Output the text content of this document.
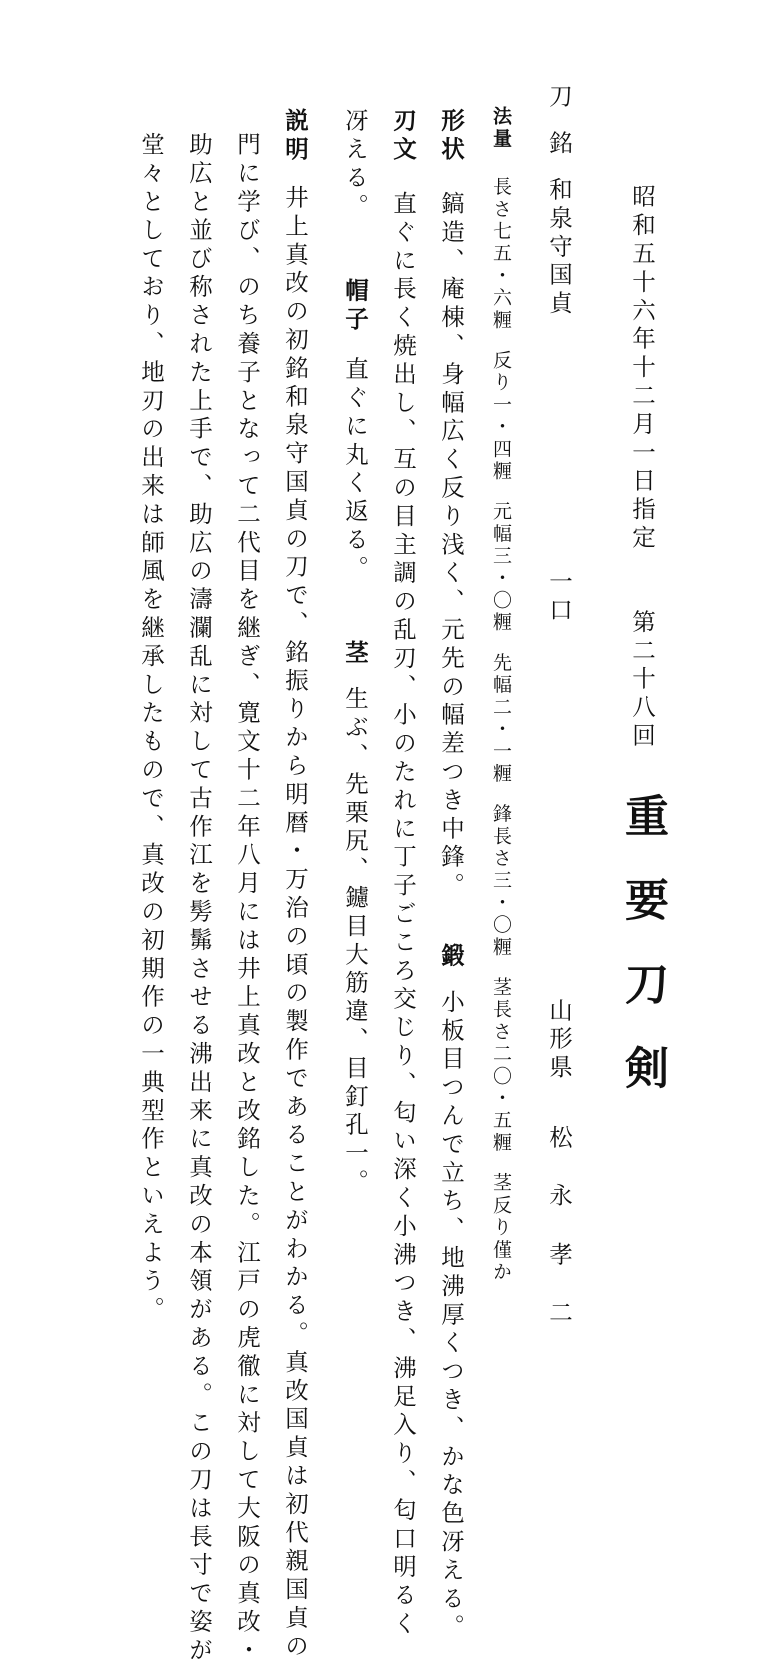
昭和五十六年十二月一日指定第二十八回重要刀剣
刀銘和泉守国貞一口山形県松永孝二
法量長さ七五・六糎反り一・四糎元幅三・〇糎先幅二・一糎鋒長さ三・〇糎茎長さ二〇・五糎茎反り僅か
形状鎬造、庵棟、身幅広く反り浅く、元先の幅差つき中鋒。鍛小板目つんで立ち、地沸厚くつき、かな色冴える。
刃文直ぐに長く焼出し、互の目主調の乱刃、小のたれに丁子ごころ交じり、匂い深く小沸つき、沸足入り、匂口明るく
冴える。帽子直ぐに丸く返る。茎生ぶ、先栗尻、鑢目大筋違、目釘孔一。
説明井上真改の初銘和泉守国貞の刀で、銘振りから明暦・万治の頃の製作であることがわかる。真改国貞は初代親国貞の
門に学び、のち養子となって二代目を継ぎ、寛文十二年八月には井上真改と改銘した。江戸の虎徹に対して大阪の真改・
助広と並び称された上手で、助広の濤瀾乱に対して古作江を髣髴させる沸出来に真改の本領がある。この刀は長寸で姿が
堂々としており、地刃の出来は師風を継承したもので、真改の初期作の一典型作といえよう。
